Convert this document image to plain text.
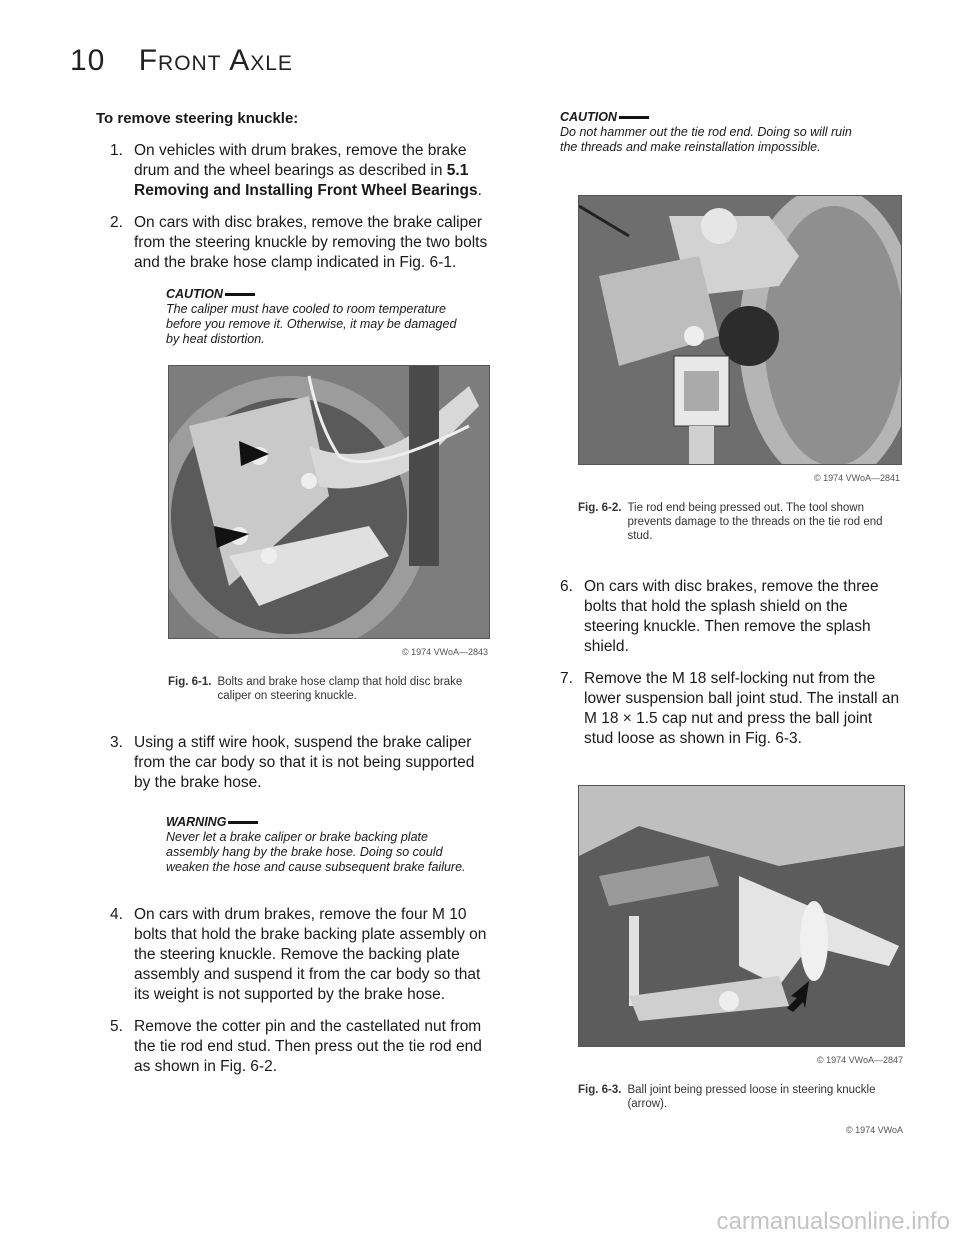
10 Front Axle
To remove steering knuckle:
1. On vehicles with drum brakes, remove the brake drum and the wheel bearings as described in 5.1 Removing and Installing Front Wheel Bearings.
2. On cars with disc brakes, remove the brake caliper from the steering knuckle by removing the two bolts and the brake hose clamp indicated in Fig. 6-1.
CAUTION
The caliper must have cooled to room temperature before you remove it. Otherwise, it may be damaged by heat distortion.
© 1974 VWoA—2843
Fig. 6-1. Bolts and brake hose clamp that hold disc brake caliper on steering knuckle.
3. Using a stiff wire hook, suspend the brake caliper from the car body so that it is not being supported by the brake hose.
WARNING
Never let a brake caliper or brake backing plate assembly hang by the brake hose. Doing so could weaken the hose and cause subsequent brake failure.
4. On cars with drum brakes, remove the four M 10 bolts that hold the brake backing plate assembly on the steering knuckle. Remove the backing plate assembly and suspend it from the car body so that its weight is not supported by the brake hose.
5. Remove the cotter pin and the castellated nut from the tie rod end stud. Then press out the tie rod end as shown in Fig. 6-2.
CAUTION
Do not hammer out the tie rod end. Doing so will ruin the threads and make reinstallation impossible.
© 1974 VWoA—2841
Fig. 6-2. Tie rod end being pressed out. The tool shown prevents damage to the threads on the tie rod end stud.
6. On cars with disc brakes, remove the three bolts that hold the splash shield on the steering knuckle. Then remove the splash shield.
7. Remove the M 18 self-locking nut from the lower suspension ball joint stud. The install an M 18 × 1.5 cap nut and press the ball joint stud loose as shown in Fig. 6-3.
© 1974 VWoA—2847
Fig. 6-3. Ball joint being pressed loose in steering knuckle (arrow).
© 1974 VWoA
carmanualsonline.info
